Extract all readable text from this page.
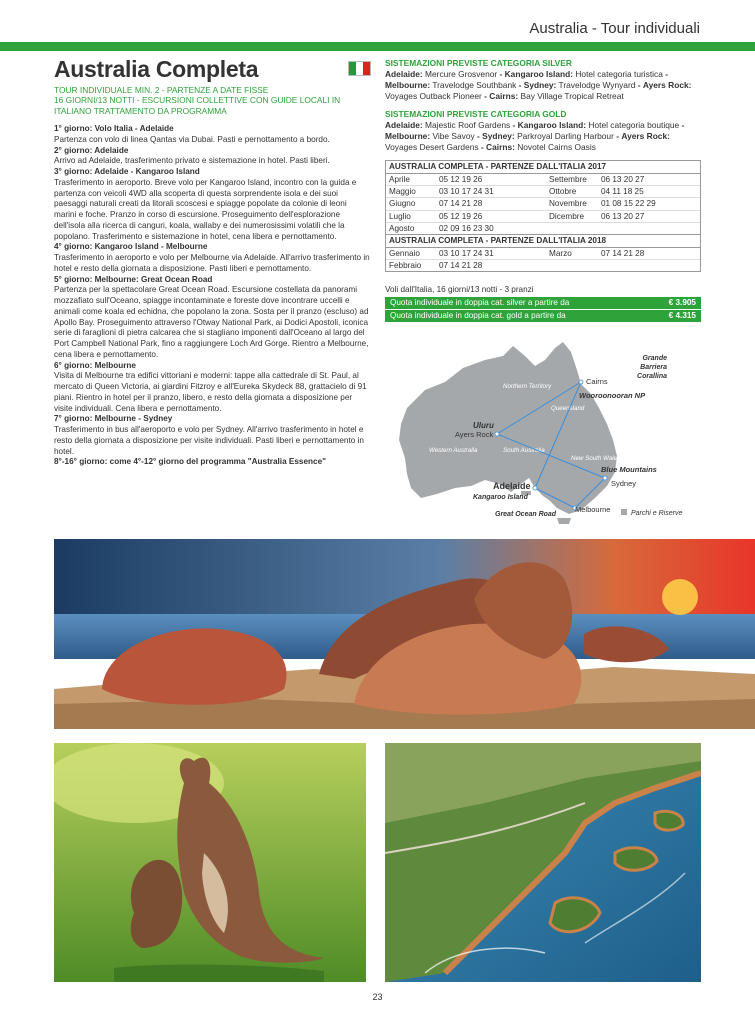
Australia - Tour individuali
Australia Completa
TOUR INDIVIDUALE MIN. 2 - PARTENZE A DATE FISSE
16 GIORNI/13 NOTTI - ESCURSIONI COLLETTIVE CON GUIDE LOCALI IN ITALIANO TRATTAMENTO DA PROGRAMMA
1° giorno: Volo Italia - Adelaide

Partenza con volo di linea Qantas via Dubai. Pasti e pernottamento a bordo.

2° giorno: Adelaide

Arrivo ad Adelaide, trasferimento privato e sistemazione in hotel. Pasti liberi.

3° giorno: Adelaide - Kangaroo Island

Trasferimento in aeroporto. Breve volo per Kangaroo Island, incontro con la guida e partenza con veicoli 4WD alla scoperta di questa sorprendente isola e dei suoi paesaggi naturali creati da litorali scoscesi e spiagge popolate da colonie di leoni marini e foche. Pranzo in corso di escursione. Proseguimento dell'esplorazione dell'isola alla ricerca di canguri, koala, wallaby e dei numerosissimi volatili che la popolano. Trasferimento e sistemazione in hotel, cena libera e pernottamento.

4° giorno: Kangaroo Island - Melbourne

Trasferimento in aeroporto e volo per Melbourne via Adelaide. All'arrivo trasferimento in hotel e resto della giornata a disposizione. Pasti liberi e pernottamento.

5° giorno: Melbourne: Great Ocean Road

Partenza per la spettacolare Great Ocean Road. Escursione costellata da panorami mozzafiato sull'Oceano, spiagge incontaminate e foreste dove incontrare uccelli e animali come koala ed echidna, che popolano la zona. Sosta per il pranzo (escluso) ad Apollo Bay. Proseguimento attraverso l'Otway National Park, ai Dodici Apostoli, iconica serie di faraglioni di pietra calcarea che si stagliano imponenti dall'Oceano al largo del Port Campbell National Park, fino a raggiungere Loch Ard Gorge. Rientro a Melbourne, cena libera e pernottamento.

6° giorno: Melbourne

Visita di Melbourne tra edifici vittoriani e moderni: tappe alla cattedrale di St. Paul, al mercato di Queen Victoria, ai giardini Fitzroy e all'Eureka Skydeck 88, grattacielo di 91 piani. Rientro in hotel per il pranzo, libero, e resto della giornata a disposizione per visite individuali. Cena libera e pernottamento.

7° giorno: Melbourne - Sydney

Trasferimento in bus all'aeroporto e volo per Sydney. All'arrivo trasferimento in hotel e resto della giornata a disposizione per visite individuali. Pasti liberi e pernottamento in hotel.

8°-16° giorno: come 4°-12° giorno del programma "Australia Essence"
SISTEMAZIONI PREVISTE CATEGORIA SILVER

Adelaide: Mercure Grosvenor - Kangaroo Island: Hotel categoria turistica - Melbourne: Travelodge Southbank - Sydney: Travelodge Wynyard - Ayers Rock: Voyages Outback Pioneer - Cairns: Bay Village Tropical Retreat

SISTEMAZIONI PREVISTE CATEGORIA GOLD

Adelaide: Majestic Roof Gardens - Kangaroo Island: Hotel categoria boutique - Melbourne: Vibe Savoy - Sydney: Parkroyal Darling Harbour - Ayers Rock: Voyages Desert Gardens - Cairns: Novotel Cairns Oasis

AUSTRALIA COMPLETA - PARTENZE DALL'ITALIA 2017
Aprile	05 12 19 26	Settembre	06 13 20 27
Maggio	03 10 17 24 31	Ottobre	04 11 18 25
Giugno	07 14 21 28	Novembre	01 08 15 22 29
Luglio	05 12 19 26	Dicembre	06 13 20 27
Agosto	02 09 16 23 30
AUSTRALIA COMPLETA - PARTENZE DALL'ITALIA 2018
Gennaio	03 10 17 24 31	Marzo	07 14 21 28
Febbraio	07 14 21 28
Voli dall'Italia, 16 giorni/13 notti - 3 pranzi
Quota individuale in doppia cat. silver a partire da	€ 3.905
Quota individuale in doppia cat. gold a partire da	€ 4.315
Northern Territory
Queensland
Western Australia	South Australia
New South Wales
Grande
Barriera
Corallina
Cairns
Wooroonooran NP
Uluru
Ayers Rock
Blue Mountains
Sydney
Adelaide
Kangaroo Island
Great Ocean Road
Melbourne	Parchi e Riserve
23
